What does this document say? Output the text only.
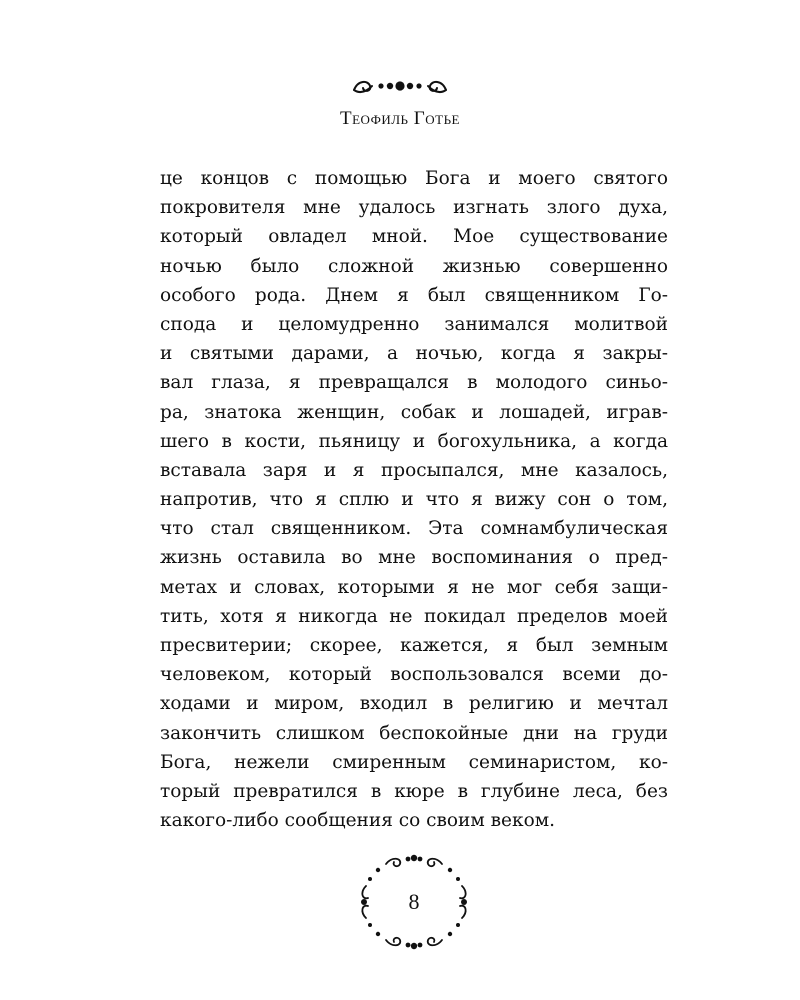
Теофиль Готье
це концов с помощью Бога и моего святого
покровителя мне удалось изгнать злого духа,
который овладел мной. Мое существование
ночью было сложной жизнью совершенно
особого рода. Днем я был священником Го-
спода и целомудренно занимался молитвой
и святыми дарами, а ночью, когда я закры-
вал глаза, я превращался в молодого синьо-
ра, знатока женщин, собак и лошадей, играв-
шего в кости, пьяницу и богохульника, а когда
вставала заря и я просыпался, мне казалось,
напротив, что я сплю и что я вижу сон о том,
что стал священником. Эта сомнамбулическая
жизнь оставила во мне воспоминания о пред-
метах и словах, которыми я не мог себя защи-
тить, хотя я никогда не покидал пределов моей
пресвитерии; скорее, кажется, я был земным
человеком, который воспользовался всеми до-
ходами и миром, входил в религию и мечтал
закончить слишком беспокойные дни на груди
Бога, нежели смиренным семинаристом, ко-
торый превратился в кюре в глубине леса, без
какого-либо сообщения со своим веком.
8
